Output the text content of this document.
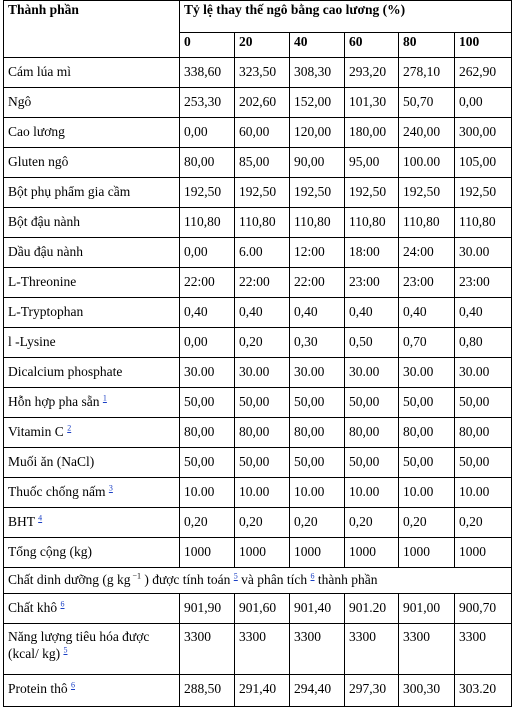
Thành phần	Tỷ lệ thay thế ngô bằng cao lương (%)					
	0	20	40	60	80	100
Cám lúa mì	338,60	323,50	308,30	293,20	278,10	262,90
Ngô	253,30	202,60	152,00	101,30	50,70	0,00
Cao lương	0,00	60,00	120,00	180,00	240,00	300,00
Gluten ngô	80,00	85,00	90,00	95,00	100.00	105,00
Bột phụ phẩm gia cầm	192,50	192,50	192,50	192,50	192,50	192,50
Bột đậu nành	110,80	110,80	110,80	110,80	110,80	110,80
Dầu đậu nành	0,00	6.00	12:00	18:00	24:00	30.00
L-Threonine	22:00	22:00	22:00	23:00	23:00	23:00
L-Tryptophan	0,40	0,40	0,40	0,40	0,40	0,40
l -Lysine	0,00	0,20	0,30	0,50	0,70	0,80
Dicalcium phosphate	30.00	30.00	30.00	30.00	30.00	30.00
Hỗn hợp pha sẵn $^1$	50,00	50,00	50,00	50,00	50,00	50,00
Vitamin C $^2$	80,00	80,00	80,00	80,00	80,00	80,00
Muối ăn (NaCl)	50,00	50,00	50,00	50,00	50,00	50,00
Thuốc chống nấm $^3$	10.00	10.00	10.00	10.00	10.00	10.00
BHT $^4$	0,20	0,20	0,20	0,20	0,20	0,20
Tổng cộng (kg)	1000	1000	1000	1000	1000	1000
Chất dinh dưỡng (g kg $^{-1}$ ) được tính toán $^5$ và phân tích $^6$ thành phần						
Chất khô $^6$	901,90	901,60	901,40	901.20	901,00	900,70
Năng lượng tiêu hóa được (kcal/ kg) $^5$	3300	3300	3300	3300	3300	3300
Protein thô $^6$	288,50	291,40	294,40	297,30	300,30	303.20
